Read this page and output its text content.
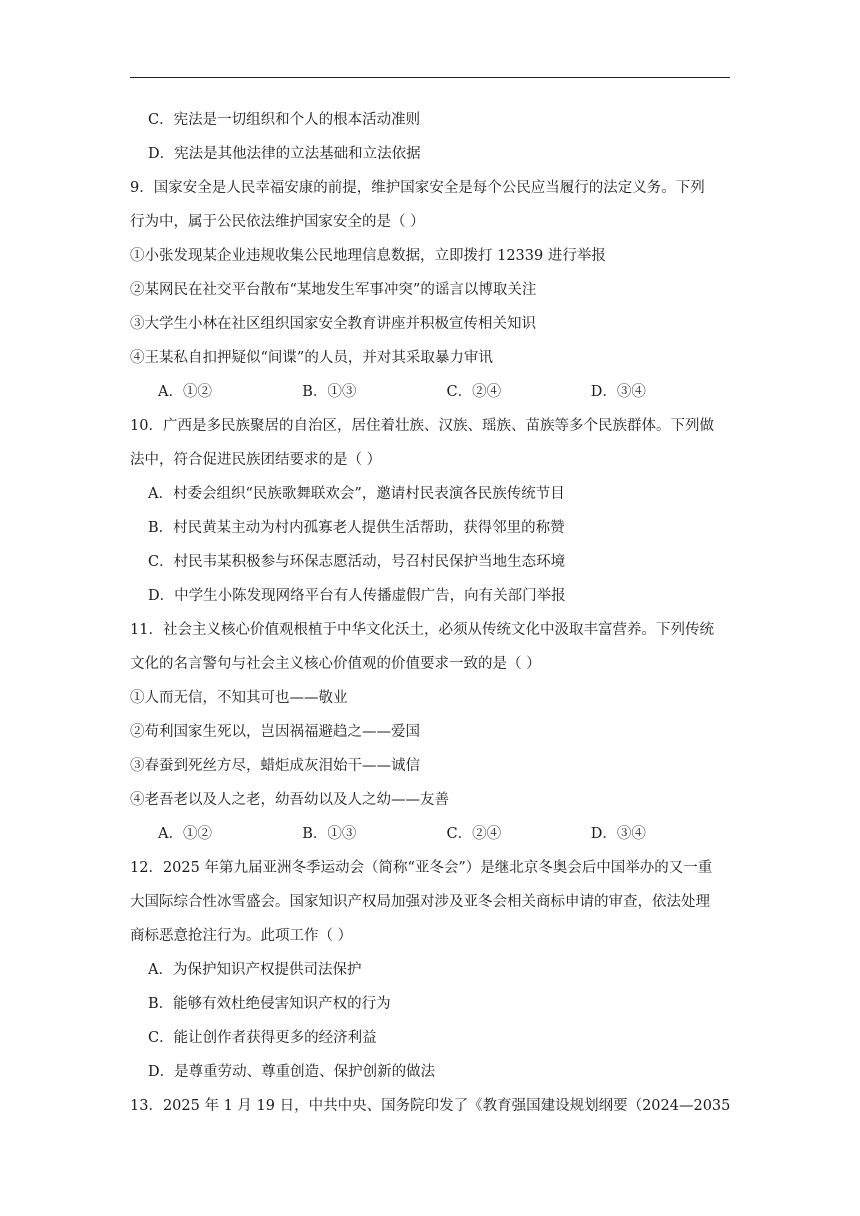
C．宪法是一切组织和个人的根本活动准则
D．宪法是其他法律的立法基础和立法依据
9．国家安全是人民幸福安康的前提，维护国家安全是每个公民应当履行的法定义务。下列
行为中，属于公民依法维护国家安全的是（ ）
①小张发现某企业违规收集公民地理信息数据，立即拨打 12339 进行举报
②某网民在社交平台散布“某地发生军事冲突”的谣言以博取关注
③大学生小林在社区组织国家安全教育讲座并积极宣传相关知识
④王某私自扣押疑似“间谍”的人员，并对其采取暴力审讯
A．①②	B．①③	C．②④	D．③④
10．广西是多民族聚居的自治区，居住着壮族、汉族、瑶族、苗族等多个民族群体。下列做
法中，符合促进民族团结要求的是（ ）
A．村委会组织“民族歌舞联欢会”，邀请村民表演各民族传统节目
B．村民黄某主动为村内孤寡老人提供生活帮助，获得邻里的称赞
C．村民韦某积极参与环保志愿活动，号召村民保护当地生态环境
D．中学生小陈发现网络平台有人传播虚假广告，向有关部门举报
11．社会主义核心价值观根植于中华文化沃土，必须从传统文化中汲取丰富营养。下列传统
文化的名言警句与社会主义核心价值观的价值要求一致的是（ ）
①人而无信，不知其可也——敬业
②苟利国家生死以，岂因祸福避趋之——爱国
③春蚕到死丝方尽，蜡炬成灰泪始干——诚信
④老吾老以及人之老，幼吾幼以及人之幼——友善
A．①②	B．①③	C．②④	D．③④
12．2025 年第九届亚洲冬季运动会（简称“亚冬会”）是继北京冬奥会后中国举办的又一重
大国际综合性冰雪盛会。国家知识产权局加强对涉及亚冬会相关商标申请的审查，依法处理
商标恶意抢注行为。此项工作（ ）
A．为保护知识产权提供司法保护
B．能够有效杜绝侵害知识产权的行为
C．能让创作者获得更多的经济利益
D．是尊重劳动、尊重创造、保护创新的做法
13．2025 年 1 月 19 日，中共中央、国务院印发了《教育强国建设规划纲要（2024—2035
